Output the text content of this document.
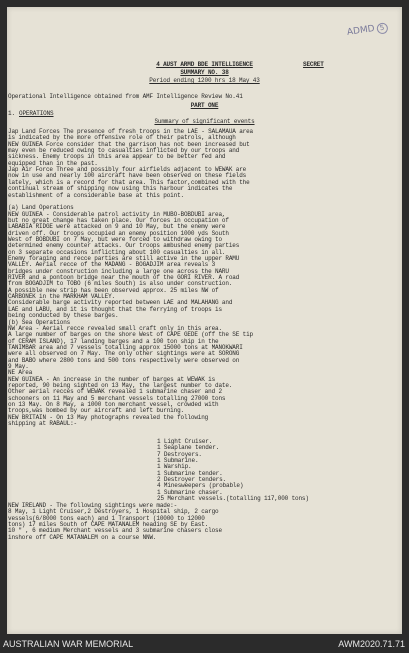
ADMD 5
4 AUST ARMD BDE INTELLIGENCE	SECRET
SUMMARY NO. 38
Period ending 1200 hrs 18 May 43
Operational Intelligence obtained from AMF Intelligence Review No.41
PART ONE
1. OPERATIONS
Summary of significant events
Jap Land Forces The presence of fresh troops in the LAE - SALAMAUA area
is indicated by the more offensive role of their patrols, although
NEW GUINEA Force consider that the garrison has not been increased but
may even be reduced owing to casualties inflicted by our troops and
sickness. Enemy troops in this area appear to be better fed and
equipped than in the past.
Jap Air Force Three and possibly four airfields adjacent to WEWAK are
now in use and nearly 100 aircraft have been observed on these fields
lately, which is a record for that area. This factor,combined with the
continual stream of shipping now using this harbour indicates the
establishment of a considerable base at this point.
(a) Land Operations
NEW GUINEA - Considerable patrol activity in MUBO-BOBDUBI area,
but no great change has taken place. Our forces in occupation of
LABABIA RIDGE were attacked on 9 and 10 May, but the enemy were
driven off. Our troops occupied an enemy position 1000 yds South
West of BOBDUBI on 7 May, but were forced to withdraw owing to
determined enemy counter attacks. Our troops ambushed enemy parties
on 3 separate occasions inflicting about 100 casualties in all.
Enemy foraging and recce parties are still active in the upper RAMU
VALLEY. Aerial recce of the MADANG - BOGADJIM area reveals 3
bridges under construction including a large one across the NARU
RIVER and a pontoon bridge near the mouth of the GORI RIVER. A road
from BOGADJIM to TOBO (6 miles South) is also under construction.
A possible new strip has been observed approx. 25 miles NW of
CARBONEK in the MARKHAM VALLEY.
Considerable barge activity reported between LAE and MALAHANG and
LAE and LABU, and it is thought that the ferrying of troops is
being conducted by these barges.
(b) Sea Operations
NW Area - Aerial recce revealed small craft only in this area.
A large number of barges on the shore West of CAPE GEDE (off the SE tip
of CERAM ISLAND), 17 landing barges and a 100 ton ship in the
TANIMBAR area and 7 vessels totalling approx 15000 tons at MANOKWARI
were all observed on 7 May. The only other sightings were at SORONG
and BABO where 2800 tons and 500 tons respectively were observed on
9 May.
NE Area
NEW GUINEA - An increase in the number of barges at WEWAK is
reported, 90 being sighted on 13 May, the largest number to date.
Other aerial recces of WEWAK revealed 1 submarine chaser and 2
schooners on 11 May and 5 merchant vessels totalling 27000 tons
on 13 May. On 8 May, a 1000 ton merchant vessel, crowded with
troops,was bombed by our aircraft and left burning.
NEW BRITAIN - On 13 May photographs revealed the following
shipping at RABAUL:-
1 Light Cruiser.
1 Seaplane tender.
7 Destroyers.
1 Submarine.
1 Warship.
1 Submarine tender.
2 Destroyer tenders.
4 Minesweepers (probable)
1 Submarine chaser.
25 Merchant vessels.(totalling 117,000 tons)
NEW IRELAND - The following sightings were made:-
8 May, 1 Light Cruiser,2 Destroyers, 1 Hospital ship, 2 cargo
vessels(6/8000 tons each) and 1 Transport (10000 to 12000
tons) 17 miles South of CAPE MATANALEM heading SE by East.
10 " , 6 medium Merchant vessels and 3 submarine chasers close
inshore off CAPE MATANALEM on a course NNW.
AUSTRALIAN WAR MEMORIAL	AWM2020.71.71
